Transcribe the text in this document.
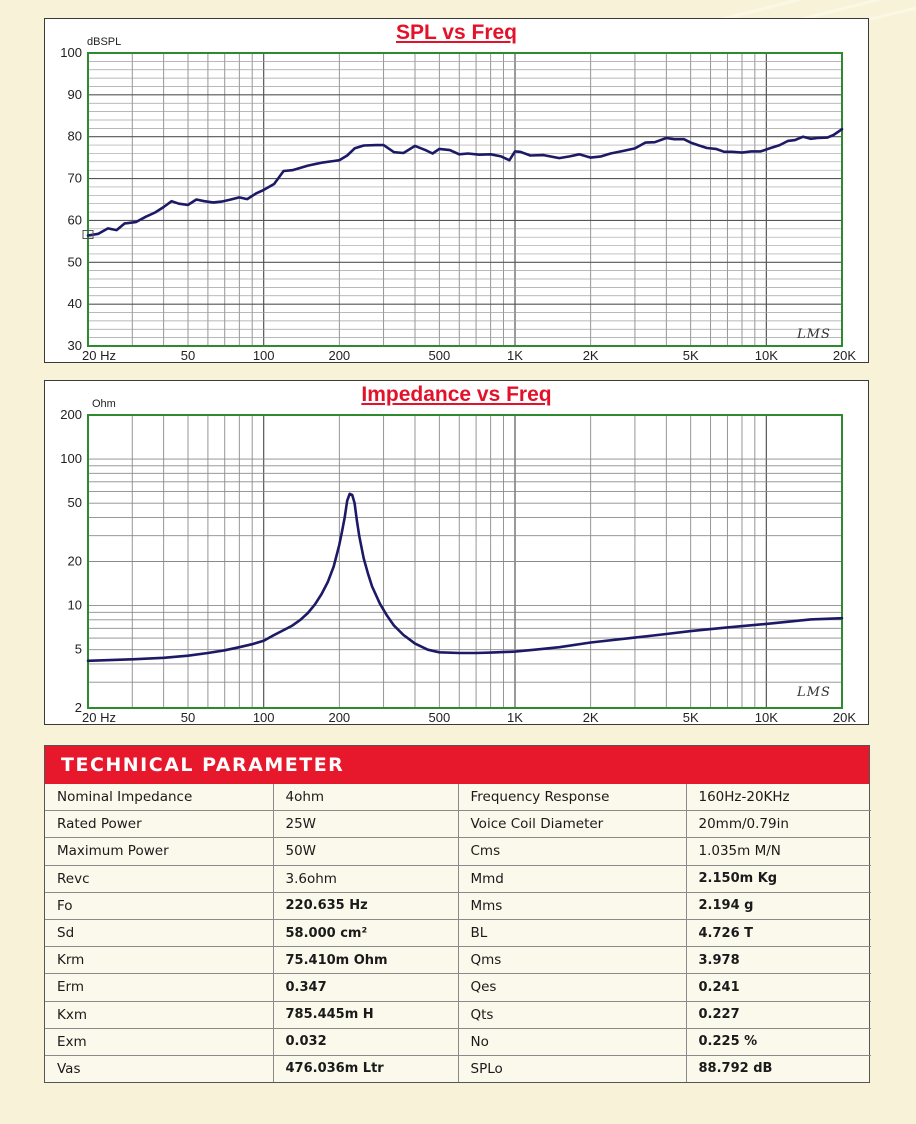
30
40
50
60
70
80
90
100
20 Hz	50	100	200	500	1K	2K	5K	10K	20K
SPL vs Freq
dBSPL
LMS
2
5
10
20
50
100
200
20 Hz	50	100	200	500	1K	2K	5K	10K	20K
Impedance vs Freq
Ohm
LMS
TECHNICAL PARAMETER
Nominal Impedance	4ohm	Frequency Response	160Hz-20KHz
Rated Power	25W	Voice Coil Diameter	20mm/0.79in
Maximum Power	50W	Cms	1.035m M/N
Revc	3.6ohm	Mmd	2.150m Kg
Fo	220.635 Hz	Mms	2.194 g
Sd	58.000 cm²	BL	4.726 T
Krm	75.410m Ohm	Qms	3.978
Erm	0.347	Qes	0.241
Kxm	785.445m H	Qts	0.227
Exm	0.032	No	0.225 %
Vas	476.036m Ltr	SPLo	88.792 dB
